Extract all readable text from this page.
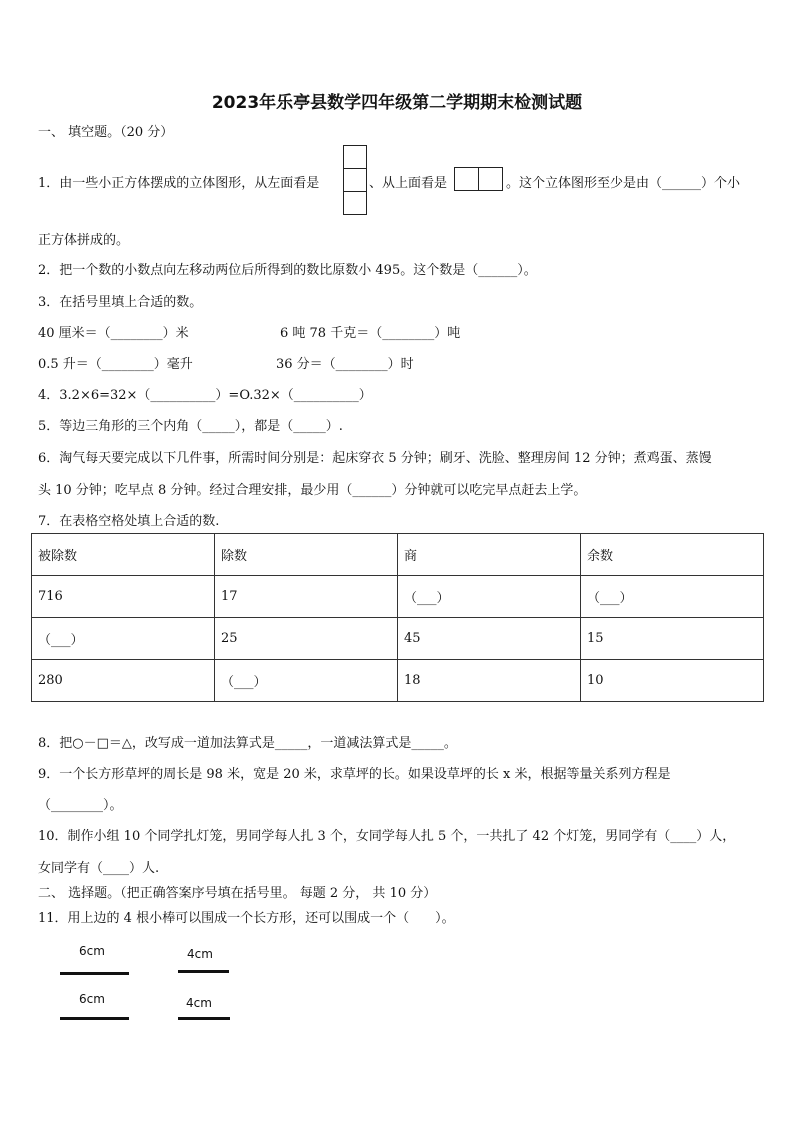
2023年乐亭县数学四年级第二学期期末检测试题
一、 填空题。（20 分）
1．由一些小正方体摆成的立体图形，从左面看是	、从上面看是	。这个立体图形至少是由（______）个小
正方体拼成的。
2．把一个数的小数点向左移动两位后所得到的数比原数小 495。这个数是（______）。
3．在括号里填上合适的数。
40 厘米＝（________）米	6 吨 78 千克＝（________）吨
0.5 升＝（________）毫升	36 分＝（________）时
4．3.2×6=32×（__________）=O.32×（__________）
5．等边三角形的三个内角（_____），都是（_____）.
6．淘气每天要完成以下几件事，所需时间分别是：起床穿衣 5 分钟；刷牙、洗脸、整理房间 12 分钟；煮鸡蛋、蒸馒
头 10 分钟；吃早点 8 分钟。经过合理安排，最少用（______）分钟就可以吃完早点赶去上学。
7．在表格空格处填上合适的数.
被除数	除数	商	余数
716	17	（___）	（___）
（___）	25	45	15
280	（___）	18	10
8．把○－□＝△，改写成一道加法算式是_____，一道减法算式是_____。
9．一个长方形草坪的周长是 98 米，宽是 20 米，求草坪的长。如果设草坪的长 x 米，根据等量关系列方程是
（________）。
10．制作小组 10 个同学扎灯笼，男同学每人扎 3 个，女同学每人扎 5 个，一共扎了 42 个灯笼，男同学有（____）人，
女同学有（____）人.
二、 选择题。（把正确答案序号填在括号里。 每题 2 分， 共 10 分）
11．用上边的 4 根小棒可以围成一个长方形，还可以围成一个（　　）。
6cm	4cm
6cm	4cm
